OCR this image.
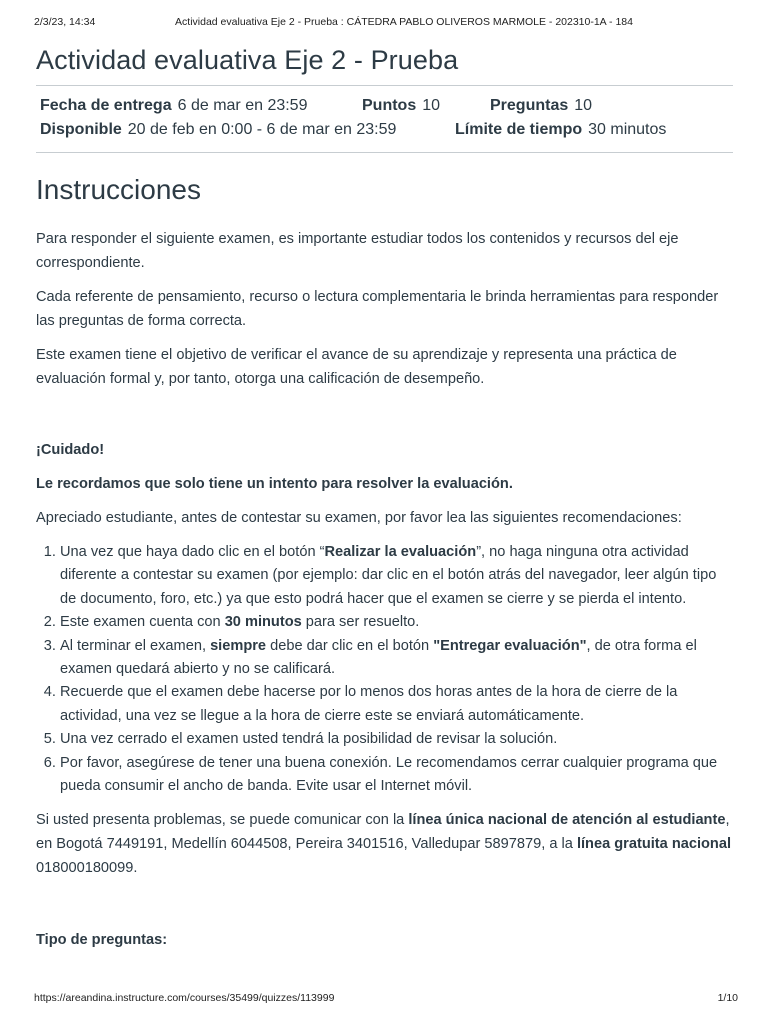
2/3/23, 14:34	Actividad evaluativa Eje 2 - Prueba : CÁTEDRA PABLO OLIVEROS MARMOLE - 202310-1A - 184
Actividad evaluativa Eje 2 - Prueba
Fecha de entrega 6 de mar en 23:59	Puntos 10	Preguntas 10
Disponible 20 de feb en 0:00 - 6 de mar en 23:59	Límite de tiempo 30 minutos
Instrucciones

Para responder el siguiente examen, es importante estudiar todos los contenidos y recursos del eje correspondiente.

Cada referente de pensamiento, recurso o lectura complementaria le brinda herramientas para responder las preguntas de forma correcta.

Este examen tiene el objetivo de verificar el avance de su aprendizaje y representa una práctica de evaluación formal y, por tanto, otorga una calificación de desempeño.

¡Cuidado!

Le recordamos que solo tiene un intento para resolver la evaluación.

Apreciado estudiante, antes de contestar su examen, por favor lea las siguientes recomendaciones:

1. Una vez que haya dado clic en el botón “Realizar la evaluación”, no haga ninguna otra actividad diferente a contestar su examen (por ejemplo: dar clic en el botón atrás del navegador, leer algún tipo de documento, foro, etc.) ya que esto podrá hacer que el examen se cierre y se pierda el intento.
2. Este examen cuenta con 30 minutos para ser resuelto.
3. Al terminar el examen, siempre debe dar clic en el botón "Entregar evaluación", de otra forma el examen quedará abierto y no se calificará.
4. Recuerde que el examen debe hacerse por lo menos dos horas antes de la hora de cierre de la actividad, una vez se llegue a la hora de cierre este se enviará automáticamente.
5. Una vez cerrado el examen usted tendrá la posibilidad de revisar la solución.
6. Por favor, asegúrese de tener una buena conexión. Le recomendamos cerrar cualquier programa que pueda consumir el ancho de banda. Evite usar el Internet móvil.

Si usted presenta problemas, se puede comunicar con la línea única nacional de atención al estudiante, en Bogotá 7449191, Medellín 6044508, Pereira 3401516, Valledupar 5897879, a la línea gratuita nacional 018000180099.

Tipo de preguntas:

https://areandina.instructure.com/courses/35499/quizzes/113999	1/10
